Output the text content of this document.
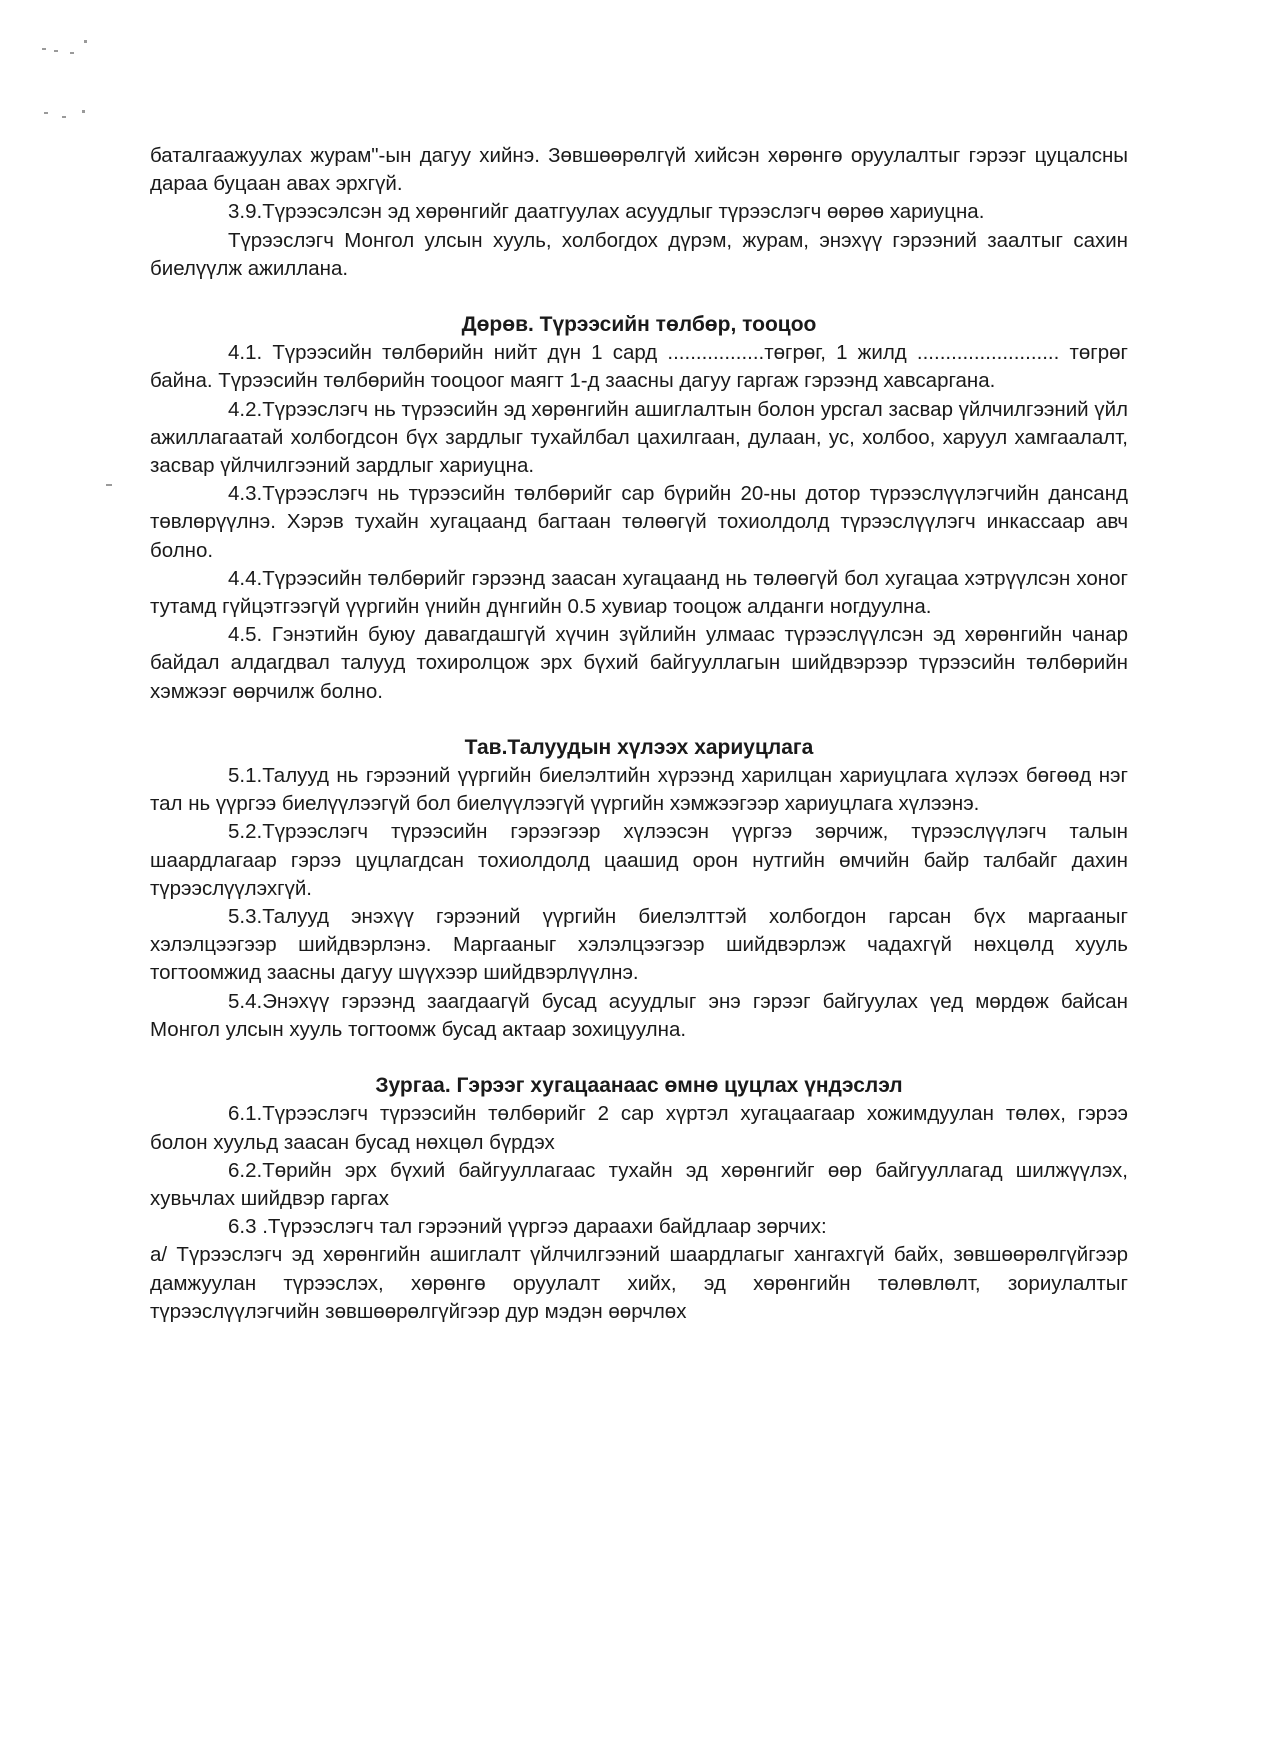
баталгаажуулах журам"-ын дагуу хийнэ. Зөвшөөрөлгүй хийсэн хөрөнгө оруулалтыг гэрээг цуцалсны дараа буцаан авах эрхгүй.

3.9.Түрээсэлсэн эд хөрөнгийг даатгуулах асуудлыг түрээслэгч өөрөө хариуцна.

Түрээслэгч Монгол улсын хууль, холбогдох дүрэм, журам, энэхүү гэрээний заалтыг сахин биелүүлж ажиллана.

Дөрөв. Түрээсийн төлбөр, тооцоо

4.1. Түрээсийн төлбөрийн нийт дүн 1 сард .................төгрөг, 1 жилд ......................... төгрөг байна. Түрээсийн төлбөрийн тооцоог маягт 1-д заасны дагуу гаргаж гэрээнд хавсаргана.

4.2.Түрээслэгч нь түрээсийн эд хөрөнгийн ашиглалтын болон урсгал засвар үйлчилгээний үйл ажиллагаатай холбогдсон бүх зардлыг тухайлбал цахилгаан, дулаан, ус, холбоо, харуул хамгаалалт, засвар үйлчилгээний зардлыг хариуцна.

4.3.Түрээслэгч нь түрээсийн төлбөрийг сар бүрийн 20-ны дотор түрээслүүлэгчийн дансанд төвлөрүүлнэ. Хэрэв тухайн хугацаанд багтаан төлөөгүй тохиолдолд түрээслүүлэгч инкассаар авч болно.

4.4.Түрээсийн төлбөрийг гэрээнд заасан хугацаанд нь төлөөгүй бол хугацаа хэтрүүлсэн хоног тутамд гүйцэтгээгүй үүргийн үнийн дүнгийн 0.5 хувиар тооцож алданги ногдуулна.

4.5. Гэнэтийн буюу давагдашгүй хүчин зүйлийн улмаас түрээслүүлсэн эд хөрөнгийн чанар байдал алдагдвал талууд тохиролцож эрх бүхий байгууллагын шийдвэрээр түрээсийн төлбөрийн хэмжээг өөрчилж болно.

Тав.Талуудын хүлээх хариуцлага

5.1.Талууд нь гэрээний үүргийн биелэлтийн хүрээнд харилцан хариуцлага хүлээх бөгөөд нэг тал нь үүргээ биелүүлээгүй бол биелүүлээгүй үүргийн хэмжээгээр хариуцлага хүлээнэ.

5.2.Түрээслэгч түрээсийн гэрээгээр хүлээсэн үүргээ зөрчиж, түрээслүүлэгч талын шаардлагаар гэрээ цуцлагдсан тохиолдолд цаашид орон нутгийн өмчийн байр талбайг дахин түрээслүүлэхгүй.

5.3.Талууд энэхүү гэрээний үүргийн биелэлттэй холбогдон гарсан бүх маргааныг хэлэлцээгээр шийдвэрлэнэ. Маргааныг хэлэлцээгээр шийдвэрлэж чадахгүй нөхцөлд хууль тогтоомжид заасны дагуу шүүхээр шийдвэрлүүлнэ.

5.4.Энэхүү гэрээнд заагдаагүй бусад асуудлыг энэ гэрээг байгуулах үед мөрдөж байсан Монгол улсын хууль тогтоомж бусад актаар зохицуулна.

Зургаа. Гэрээг хугацаанаас өмнө цуцлах үндэслэл

6.1.Түрээслэгч түрээсийн төлбөрийг 2 сар хүртэл хугацаагаар хожимдуулан төлөх, гэрээ болон хуульд заасан бусад нөхцөл бүрдэх

6.2.Төрийн эрх бүхий байгууллагаас тухайн эд хөрөнгийг өөр байгууллагад шилжүүлэх, хувьчлах шийдвэр гаргах

6.3 .Түрээслэгч тал гэрээний үүргээ дараахи байдлаар зөрчих:

а/ Түрээслэгч эд хөрөнгийн ашиглалт үйлчилгээний шаардлагыг хангахгүй байх, зөвшөөрөлгүйгээр дамжуулан түрээслэх, хөрөнгө оруулалт хийх, эд хөрөнгийн төлөвлөлт, зориулалтыг түрээслүүлэгчийн зөвшөөрөлгүйгээр дур мэдэн өөрчлөх
